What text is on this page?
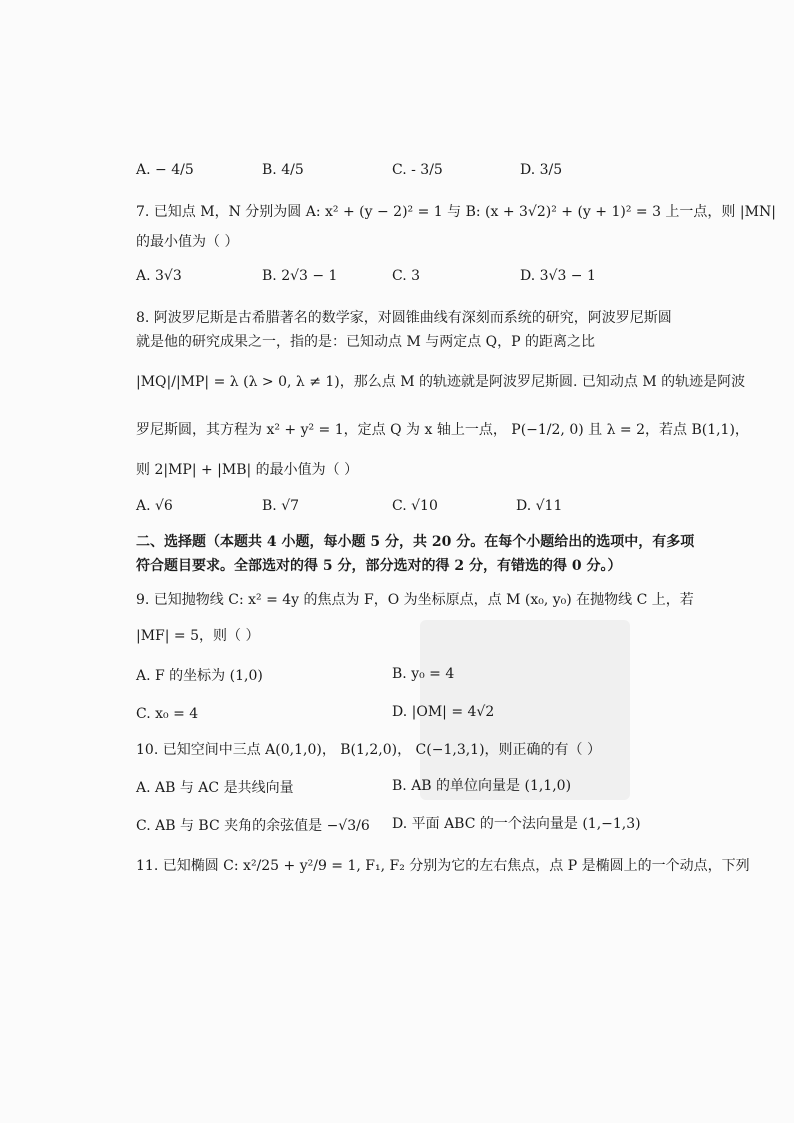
A. − 4/5	B. 4/5	C. - 3/5	D. 3/5
7. 已知点 M，N 分别为圆 A: x² + (y − 2)² = 1 与 B: (x + 3√2)² + (y + 1)² = 3 上一点，则 |MN|
的最小值为（ ）
A. 3√3	B. 2√3 − 1	C. 3	D. 3√3 − 1
8. 阿波罗尼斯是古希腊著名的数学家，对圆锥曲线有深刻而系统的研究，阿波罗尼斯圆
就是他的研究成果之一，指的是：已知动点 M 与两定点 Q，P 的距离之比
|MQ|/|MP| = λ (λ > 0, λ ≠ 1)，那么点 M 的轨迹就是阿波罗尼斯圆. 已知动点 M 的轨迹是阿波
罗尼斯圆，其方程为 x² + y² = 1，定点 Q 为 x 轴上一点， P(−1/2, 0) 且 λ = 2，若点 B(1,1)，
则 2|MP| + |MB| 的最小值为（ ）
A. √6	B. √7	C. √10	D. √11
二、选择题（本题共 4 小题，每小题 5 分，共 20 分。在每个小题给出的选项中，有多项
符合题目要求。全部选对的得 5 分，部分选对的得 2 分，有错选的得 0 分。）
9. 已知抛物线 C: x² = 4y 的焦点为 F，O 为坐标原点，点 M (x₀, y₀) 在抛物线 C 上，若
|MF| = 5，则（ ）
A. F 的坐标为 (1,0)	B. y₀ = 4
C. x₀ = 4	D. |OM| = 4√2
10. 已知空间中三点 A(0,1,0)， B(1,2,0)， C(−1,3,1)，则正确的有（ ）
A. AB 与 AC 是共线向量	B. AB 的单位向量是 (1,1,0)
C. AB 与 BC 夹角的余弦值是 −√3/6 D. 平面 ABC 的一个法向量是 (1,−1,3)
11. 已知椭圆 C: x²/25 + y²/9 = 1, F₁, F₂ 分别为它的左右焦点，点 P 是椭圆上的一个动点，下列
